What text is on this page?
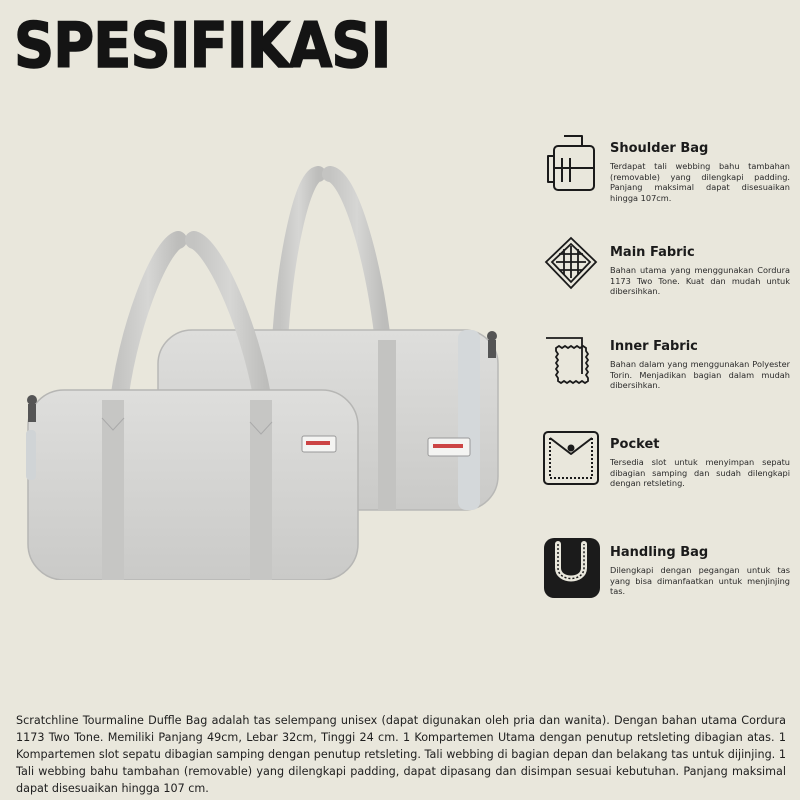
SPESIFIKASI
Shoulder Bag
Terdapat tali webbing bahu tambahan (removable) yang dilengkapi padding. Panjang maksimal dapat disesuaikan hingga 107cm.
Main Fabric
Bahan utama yang menggunakan Cordura 1173 Two Tone. Kuat dan mudah untuk dibersihkan.
Inner Fabric
Bahan dalam yang menggunakan Polyester Torin. Menjadikan bagian dalam mudah dibersihkan.
Pocket
Tersedia slot untuk menyimpan sepatu dibagian samping dan sudah dilengkapi dengan retsleting.
Handling Bag
Dilengkapi dengan pegangan untuk tas yang bisa dimanfaatkan untuk menjinjing tas.
Scratchline Tourmaline Duffle Bag adalah tas selempang unisex (dapat digunakan oleh pria dan wanita). Dengan bahan utama Cordura 1173 Two Tone. Memiliki Panjang 49cm, Lebar 32cm, Tinggi 24 cm. 1 Kompartemen Utama dengan penutup retsleting dibagian atas. 1 Kompartemen slot sepatu dibagian samping dengan penutup retsleting. Tali webbing di bagian depan dan belakang tas untuk dijinjing. 1 Tali webbing bahu tambahan (removable) yang dilengkapi padding, dapat dipasang dan disimpan sesuai kebutuhan. Panjang maksimal dapat disesuaikan hingga 107 cm.
